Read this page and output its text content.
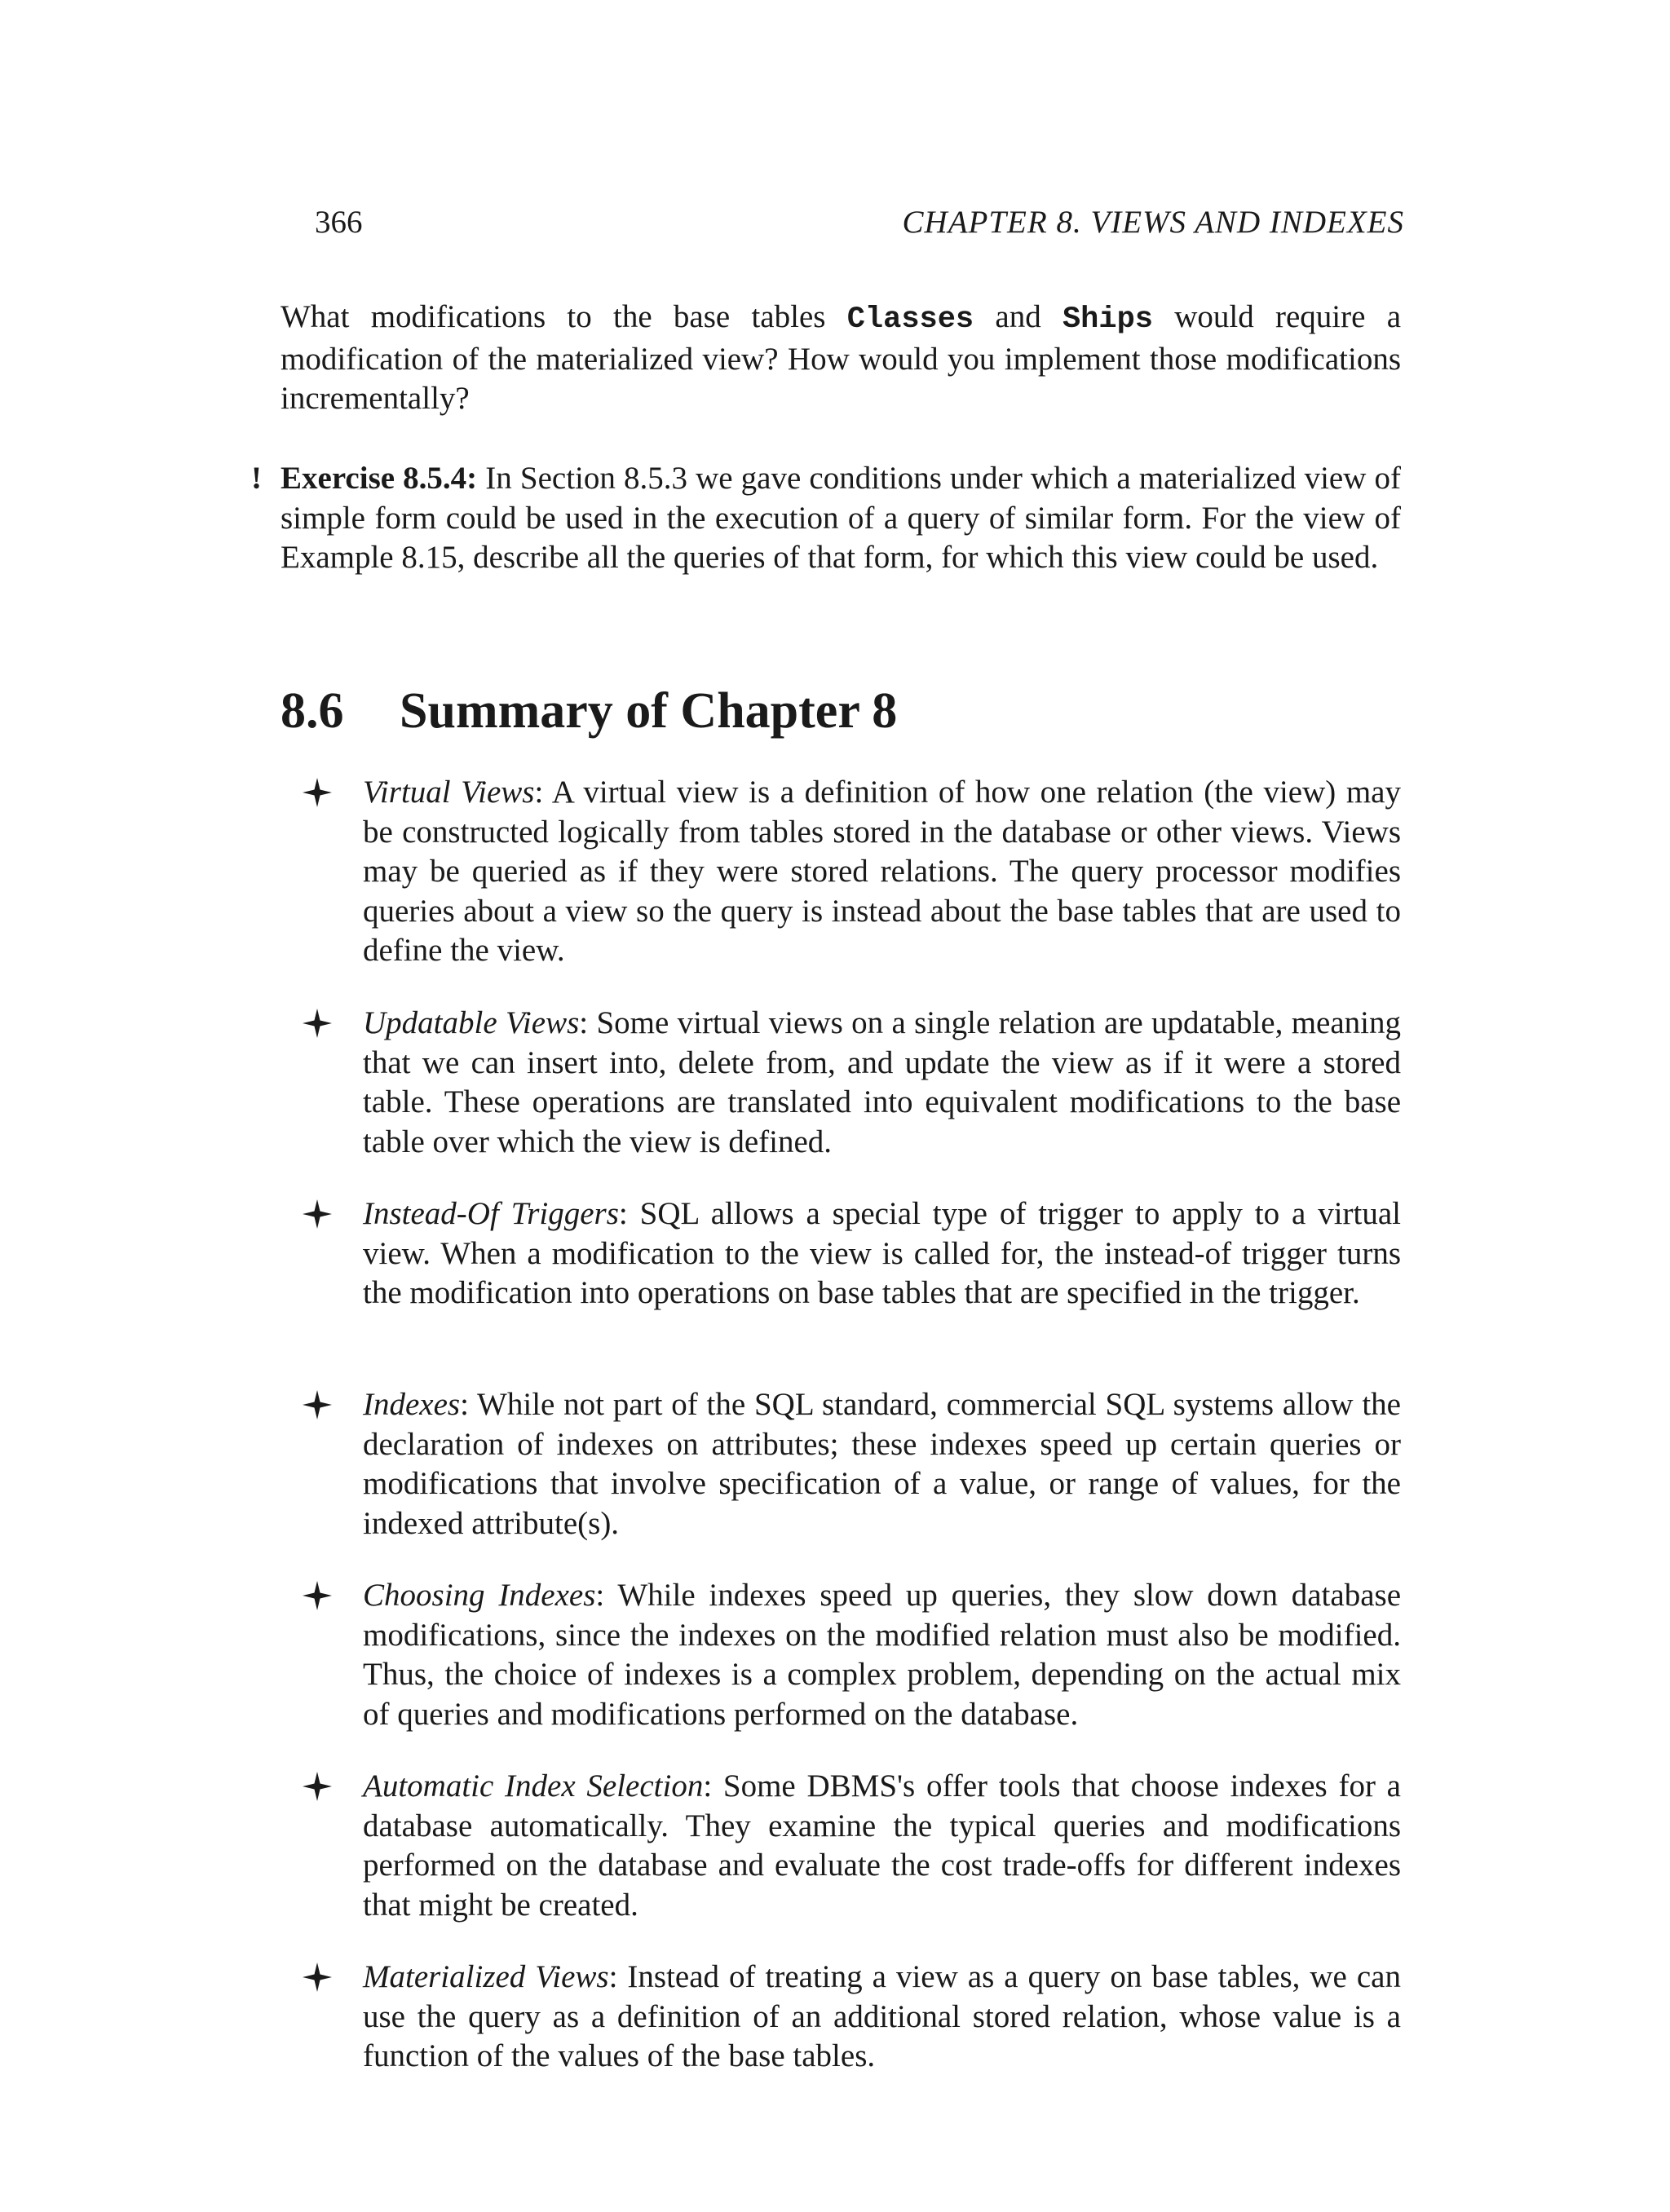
366	CHAPTER 8. VIEWS AND INDEXES
What modifications to the base tables Classes and Ships would require a modification of the materialized view? How would you implement those modifications incrementally?
! Exercise 8.5.4: In Section 8.5.3 we gave conditions under which a materialized view of simple form could be used in the execution of a query of similar form. For the view of Example 8.15, describe all the queries of that form, for which this view could be used.
8.6 Summary of Chapter 8
Virtual Views: A virtual view is a definition of how one relation (the view) may be constructed logically from tables stored in the database or other views. Views may be queried as if they were stored relations. The query processor modifies queries about a view so the query is instead about the base tables that are used to define the view.
Updatable Views: Some virtual views on a single relation are updatable, meaning that we can insert into, delete from, and update the view as if it were a stored table. These operations are translated into equivalent modifications to the base table over which the view is defined.
Instead-Of Triggers: SQL allows a special type of trigger to apply to a virtual view. When a modification to the view is called for, the instead-of trigger turns the modification into operations on base tables that are specified in the trigger.
Indexes: While not part of the SQL standard, commercial SQL systems allow the declaration of indexes on attributes; these indexes speed up certain queries or modifications that involve specification of a value, or range of values, for the indexed attribute(s).
Choosing Indexes: While indexes speed up queries, they slow down database modifications, since the indexes on the modified relation must also be modified. Thus, the choice of indexes is a complex problem, depending on the actual mix of queries and modifications performed on the database.
Automatic Index Selection: Some DBMS's offer tools that choose indexes for a database automatically. They examine the typical queries and modifications performed on the database and evaluate the cost trade-offs for different indexes that might be created.
Materialized Views: Instead of treating a view as a query on base tables, we can use the query as a definition of an additional stored relation, whose value is a function of the values of the base tables.
